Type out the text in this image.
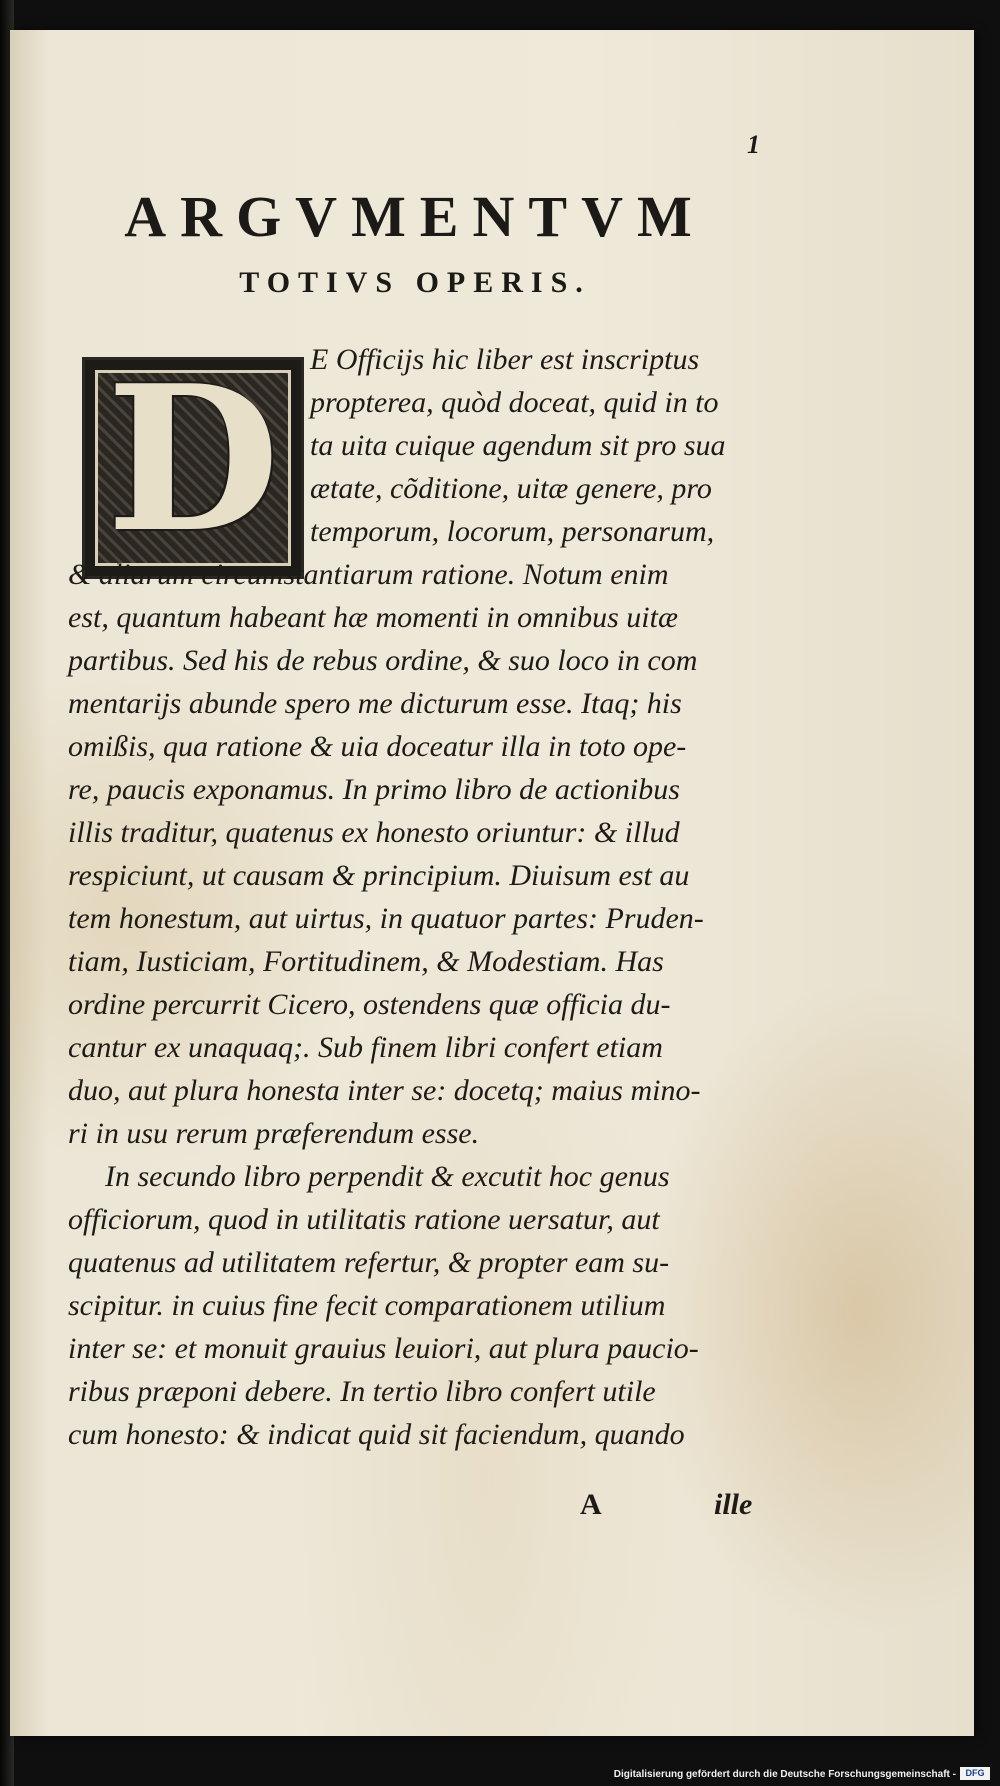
1
ARGVMENTVM
TOTIVS OPERIS.
D	E Officijs hic liber est inscriptus
propterea, quòd doceat, quid in to
ta uita cuique agendum sit pro sua
ætate, cõditione, uitæ genere, pro
temporum, locorum, personarum,
& aliarum circumstantiarum ratione. Notum enim
est, quantum habeant hæ momenti in omnibus uitæ
partibus. Sed his de rebus ordine, & suo loco in com
mentarijs abunde spero me dicturum esse. Itaq; his
omißis, qua ratione & uia doceatur illa in toto ope-
re, paucis exponamus. In primo libro de actionibus
illis traditur, quatenus ex honesto oriuntur: & illud
respiciunt, ut causam & principium. Diuisum est au
tem honestum, aut uirtus, in quatuor partes: Pruden-
tiam, Iusticiam, Fortitudinem, & Modestiam. Has
ordine percurrit Cicero, ostendens quæ officia du-
cantur ex unaquaq;. Sub finem libri confert etiam
duo, aut plura honesta inter se: docetq; maius mino-
ri in usu rerum præferendum esse.
In secundo libro perpendit & excutit hoc genus
officiorum, quod in utilitatis ratione uersatur, aut
quatenus ad utilitatem refertur, & propter eam su-
scipitur. in cuius fine fecit comparationem utilium
inter se: et monuit grauius leuiori, aut plura paucio-
ribus præponi debere. In tertio libro confert utile
cum honesto: & indicat quid sit faciendum, quando
A	ille
Digitalisierung gefördert durch die Deutsche Forschungsgemeinschaft -	DFG
